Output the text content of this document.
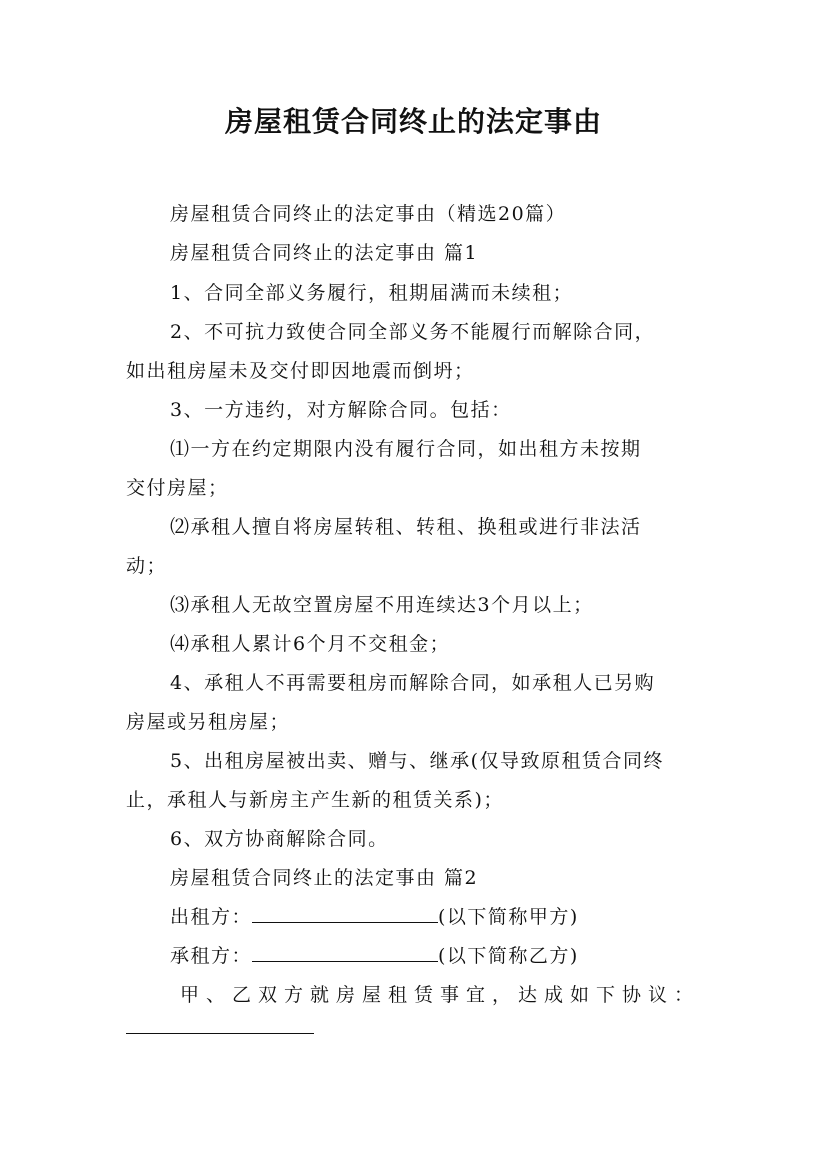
房屋租赁合同终止的法定事由
房屋租赁合同终止的法定事由（精选20篇）
房屋租赁合同终止的法定事由 篇1
1、合同全部义务履行，租期届满而未续租；
2、不可抗力致使合同全部义务不能履行而解除合同，
如出租房屋未及交付即因地震而倒坍；
3、一方违约，对方解除合同。包括：
⑴一方在约定期限内没有履行合同，如出租方未按期
交付房屋；
⑵承租人擅自将房屋转租、转租、换租或进行非法活
动；
⑶承租人无故空置房屋不用连续达3个月以上；
⑷承租人累计6个月不交租金；
4、承租人不再需要租房而解除合同，如承租人已另购
房屋或另租房屋；
5、出租房屋被出卖、赠与、继承(仅导致原租赁合同终
止，承租人与新房主产生新的租赁关系)；
6、双方协商解除合同。
房屋租赁合同终止的法定事由 篇2
出租方：	(以下简称甲方)
承租方：	(以下简称乙方)
甲、乙双方就房屋租赁事宜，达成如下协议：
